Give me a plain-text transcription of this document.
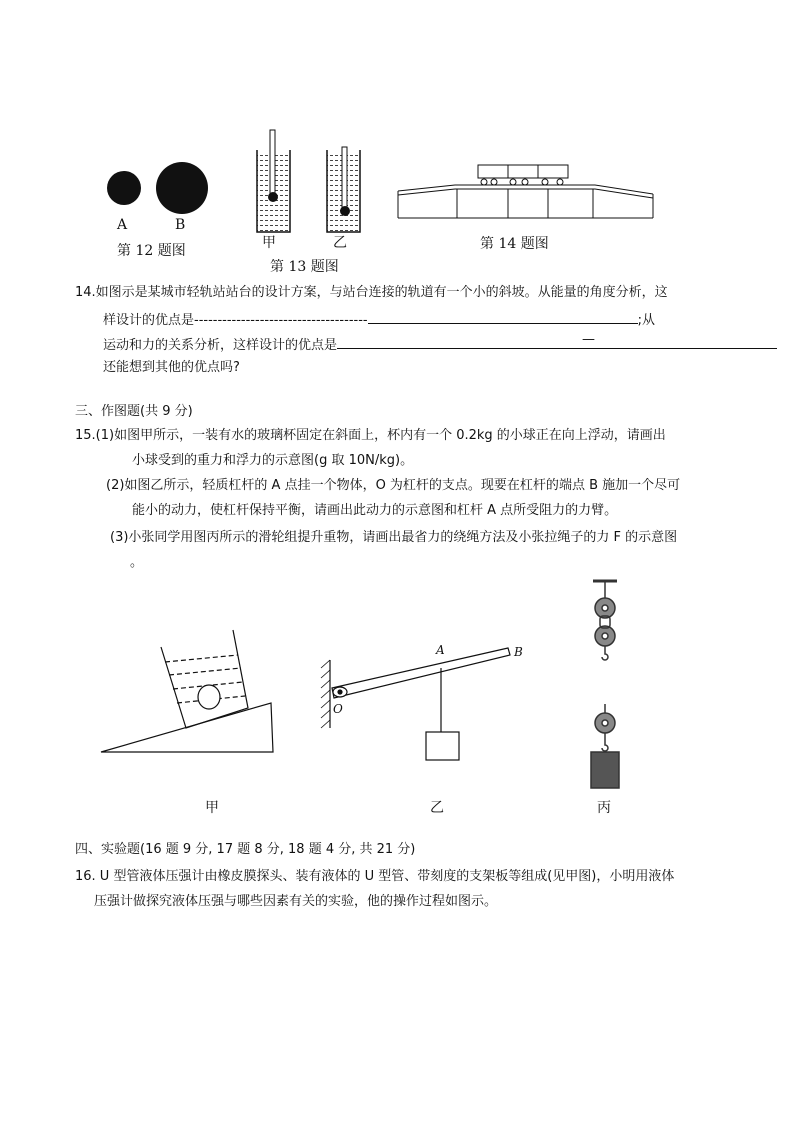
A	B
第 12 题图	甲	乙
第 13 题图
第 14 题图
14.如图示是某城市轻轨站站台的设计方案，与站台连接的轨道有一个小的斜坡。从能量的角度分析，这
样设计的优点是-------------------------------------	;从
运动和力的关系分析，这样设计的优点是	—
还能想到其他的优点吗?
三、作图题(共 9 分)
15.(1)如图甲所示，一装有水的玻璃杯固定在斜面上，杯内有一个 0.2kg 的小球正在向上浮动，请画出
小球受到的重力和浮力的示意图(g 取 10N/kg)。
(2)如图乙所示，轻质杠杆的 A 点挂一个物体，O 为杠杆的支点。现要在杠杆的端点 B 施加一个尽可
能小的动力，使杠杆保持平衡，请画出此动力的示意图和杠杆 A 点所受阻力的力臂。
(3)小张同学用图丙所示的滑轮组提升重物，请画出最省力的绕绳方法及小张拉绳子的力 F 的示意图
。
甲
A	B
O
乙	丙
四、实验题(16 题 9 分, 17 题 8 分, 18 题 4 分, 共 21 分)
16. U 型管液体压强计由橡皮膜探头、装有液体的 U 型管、带刻度的支架板等组成(见甲图)，小明用液体
压强计做探究液体压强与哪些因素有关的实验，他的操作过程如图示。
